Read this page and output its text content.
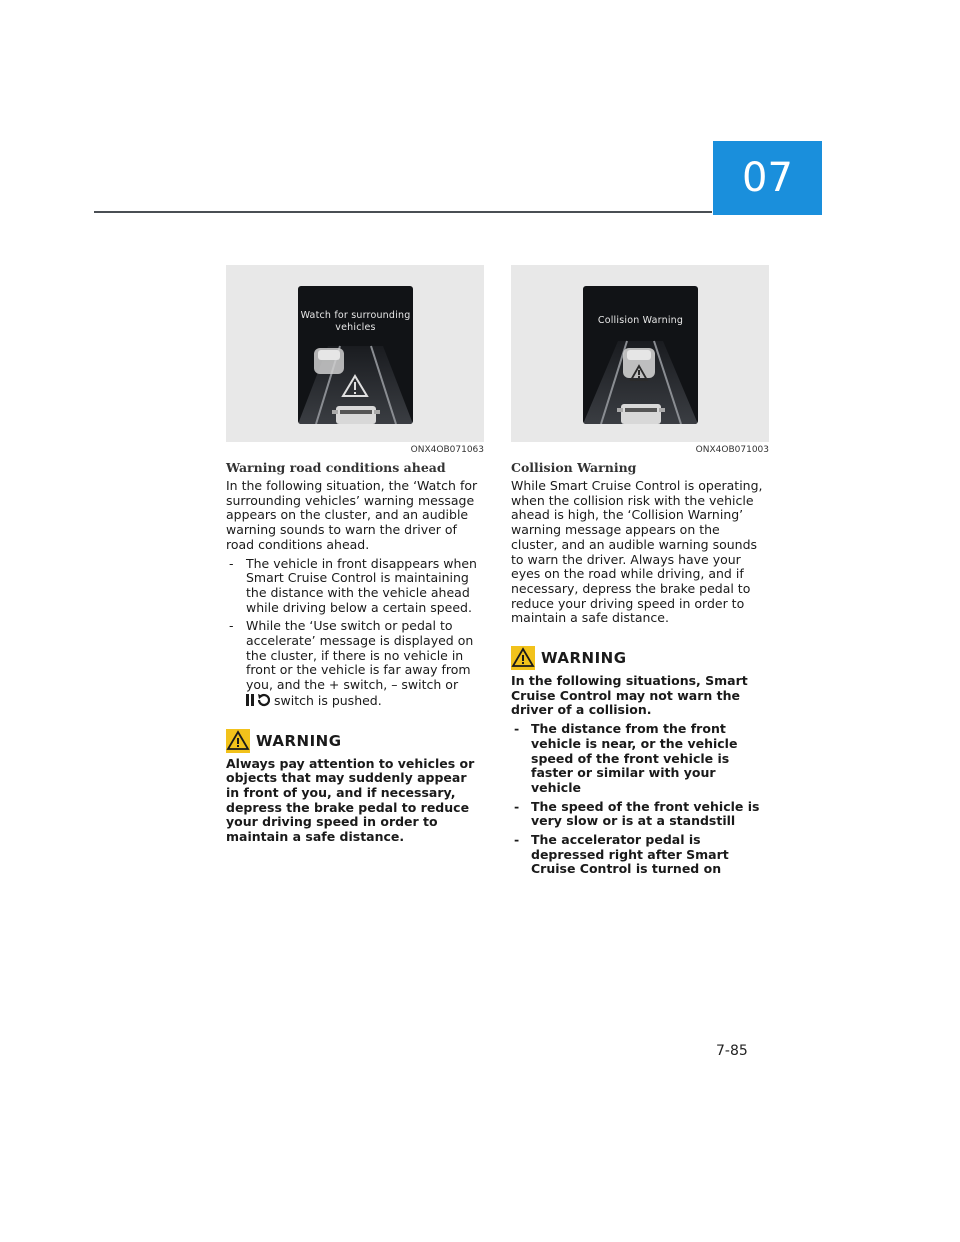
07
Watch for surrounding
vehicles
ONX4OB071063
Warning road conditions ahead
In the following situation, the ‘Watch for surrounding vehicles’ warning message appears on the cluster, and an audible warning sounds to warn the driver of road conditions ahead.
- The vehicle in front disappears when Smart Cruise Control is maintaining the distance with the vehicle ahead while driving below a certain speed.
- While the ‘Use switch or pedal to accelerate’ message is displayed on the cluster, if there is no vehicle in front or the vehicle is far away from you, and the + switch, – switch or
switch is pushed.
WARNING
Always pay attention to vehicles or objects that may suddenly appear in front of you, and if necessary, depress the brake pedal to reduce your driving speed in order to maintain a safe distance.
Collision Warning
ONX4OB071003
Collision Warning
While Smart Cruise Control is operating, when the collision risk with the vehicle ahead is high, the ‘Collision Warning’ warning message appears on the cluster, and an audible warning sounds to warn the driver. Always have your eyes on the road while driving, and if necessary, depress the brake pedal to reduce your driving speed in order to maintain a safe distance.
WARNING
In the following situations, Smart Cruise Control may not warn the driver of a collision.
- The distance from the front vehicle is near, or the vehicle speed of the front vehicle is faster or similar with your vehicle
- The speed of the front vehicle is very slow or is at a standstill
- The accelerator pedal is depressed right after Smart Cruise Control is turned on
7-85
